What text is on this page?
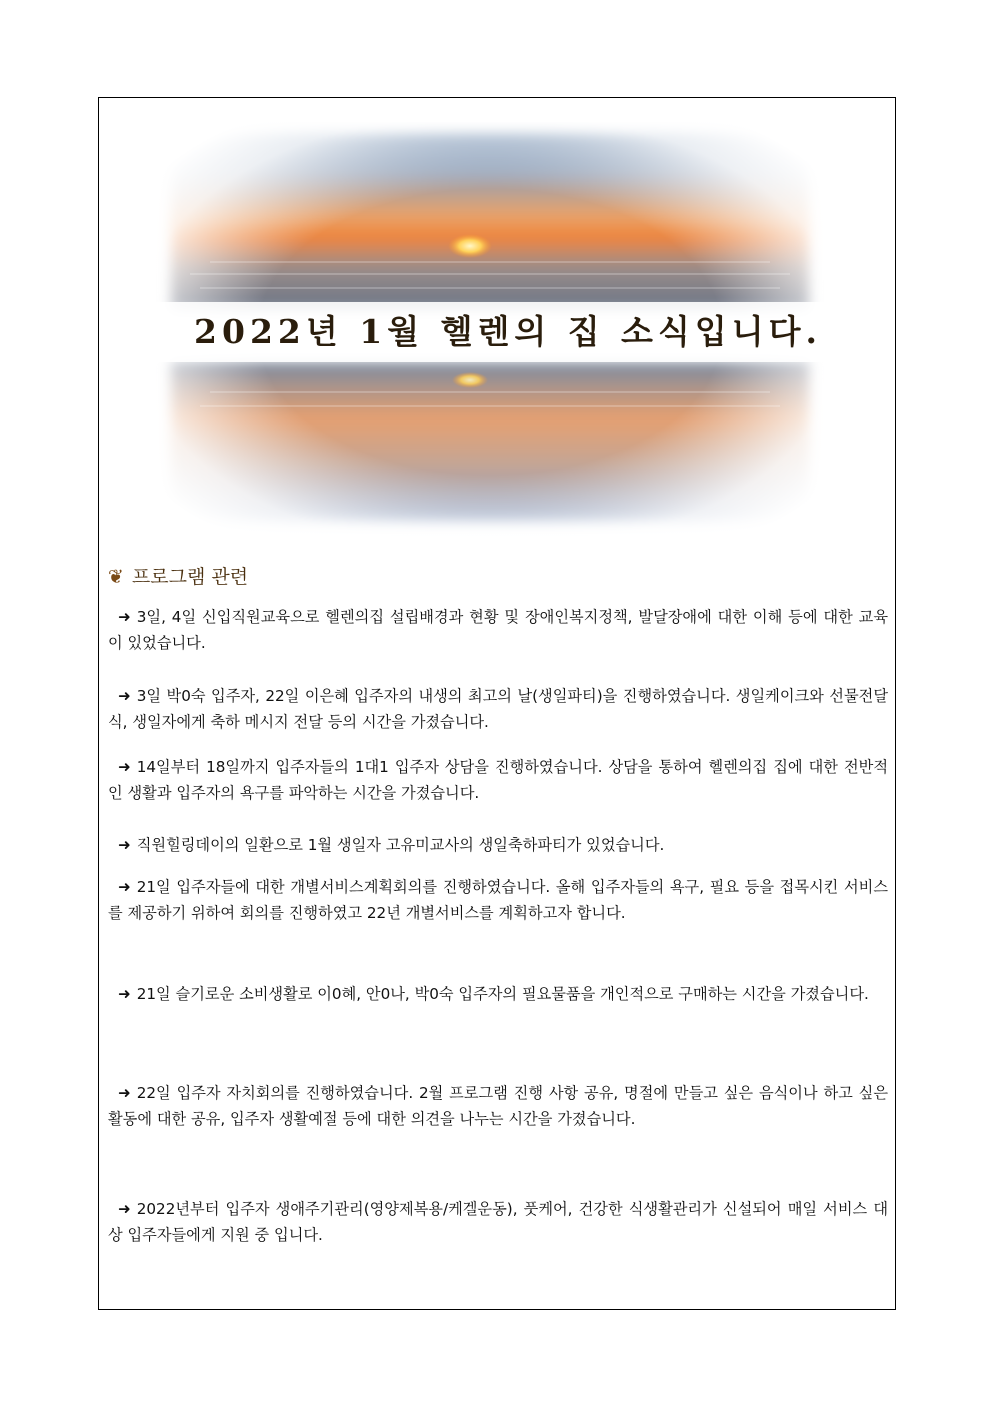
2022년 1월 헬렌의 집 소식입니다.
❦ 프로그램 관련
➜ 3일, 4일 신입직원교육으로 헬렌의집 설립배경과 현황 및 장애인복지정책, 발달장애에 대한 이해 등에 대한 교육이 있었습니다.
➜ 3일 박0숙 입주자, 22일 이은혜 입주자의 내생의 최고의 날(생일파티)을 진행하였습니다. 생일케이크와 선물전달식, 생일자에게 축하 메시지 전달 등의 시간을 가졌습니다.
➜ 14일부터 18일까지 입주자들의 1대1 입주자 상담을 진행하였습니다. 상담을 통하여 헬렌의집 집에 대한 전반적인 생활과 입주자의 욕구를 파악하는 시간을 가졌습니다.
➜ 직원힐링데이의 일환으로 1월 생일자 고유미교사의 생일축하파티가 있었습니다.
➜ 21일 입주자들에 대한 개별서비스계획회의를 진행하였습니다. 올해 입주자들의 욕구, 필요 등을 접목시킨 서비스를 제공하기 위하여 회의를 진행하였고 22년 개별서비스를 계획하고자 합니다.
➜ 21일 슬기로운 소비생활로 이0혜, 안0나, 박0숙 입주자의 필요물품을 개인적으로 구매하는 시간을 가졌습니다.
➜ 22일 입주자 자치회의를 진행하였습니다. 2월 프로그램 진행 사항 공유, 명절에 만들고 싶은 음식이나 하고 싶은 활동에 대한 공유, 입주자 생활예절 등에 대한 의견을 나누는 시간을 가졌습니다.
➜ 2022년부터 입주자 생애주기관리(영양제복용/케겔운동), 풋케어, 건강한 식생활관리가 신설되어 매일 서비스 대상 입주자들에게 지원 중 입니다.
